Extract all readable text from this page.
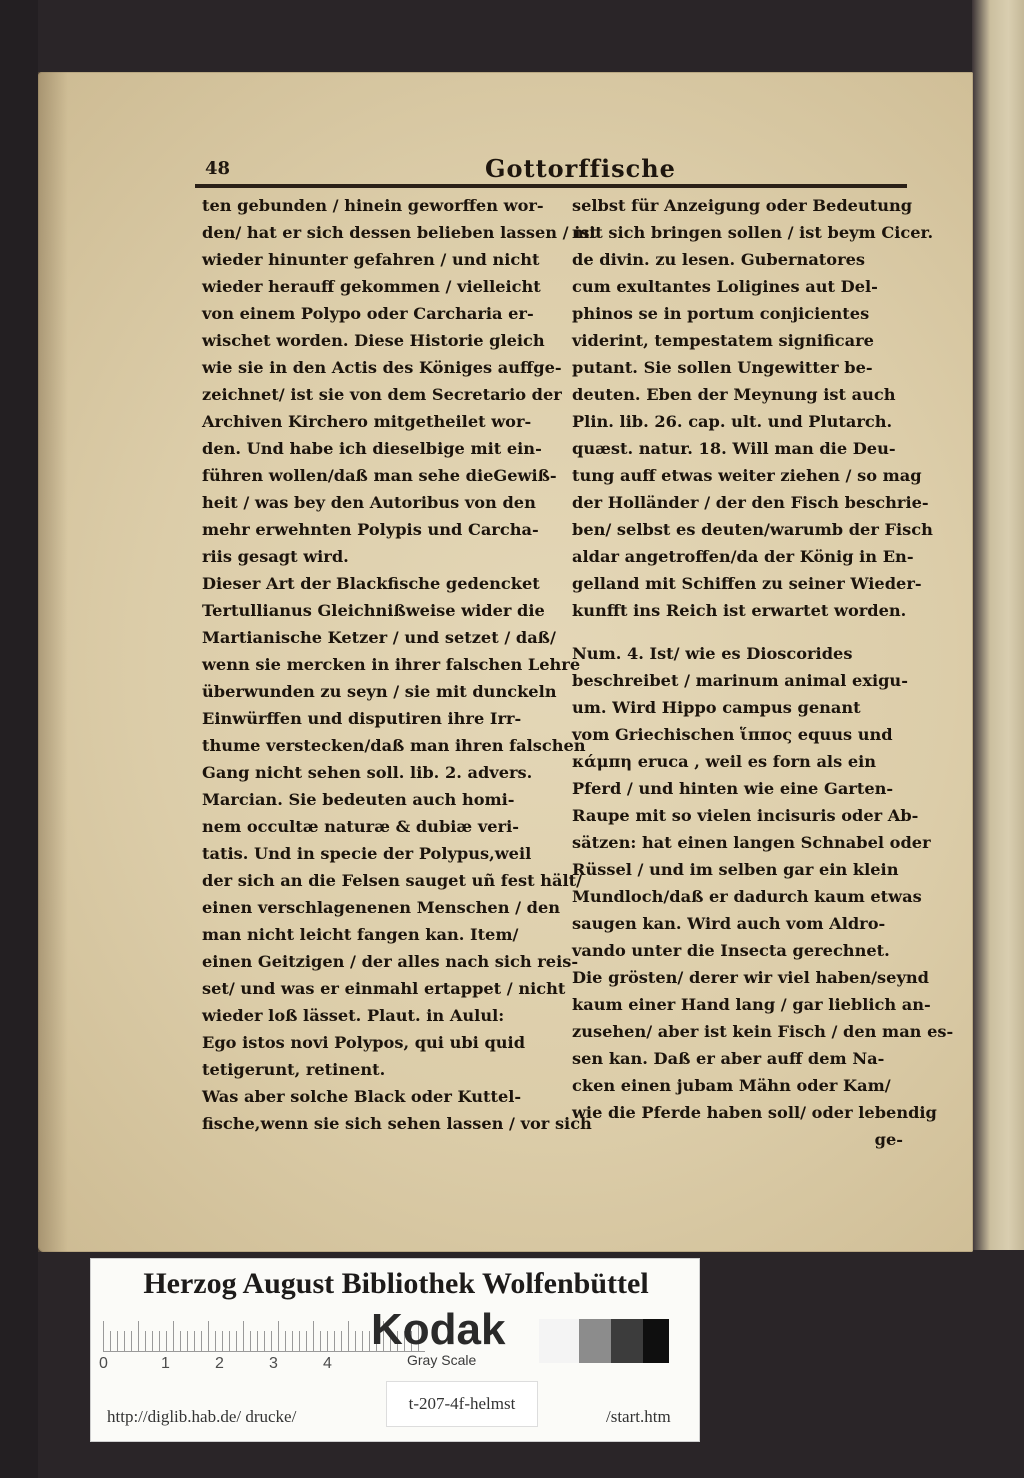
48	Gottorffische
ten gebunden / hinein geworffen wor-
den/ hat er sich dessen belieben lassen / ist
wieder hinunter gefahren / und nicht
wieder herauff gekommen / vielleicht
von einem Polypo oder Carcharia er-
wischet worden. Diese Historie gleich
wie sie in den Actis des Königes auffge-
zeichnet/ ist sie von dem Secretario der
Archiven Kirchero mitgetheilet wor-
den. Und habe ich dieselbige mit ein-
führen wollen/daß man sehe dieGewiß-
heit / was bey den Autoribus von den
mehr erwehnten Polypis und Carcha-
riis gesagt wird.
Dieser Art der Blackfische gedencket
Tertullianus Gleichnißweise wider die
Martianische Ketzer / und setzet / daß/
wenn sie mercken in ihrer falschen Lehre
überwunden zu seyn / sie mit dunckeln
Einwürffen und disputiren ihre Irr-
thume verstecken/daß man ihren falschen
Gang nicht sehen soll. lib. 2. advers.
Marcian. Sie bedeuten auch homi-
nem occultæ naturæ & dubiæ veri-
tatis. Und in specie der Polypus,weil
der sich an die Felsen sauget uñ fest hält/
einen verschlagenenen Menschen / den
man nicht leicht fangen kan. Item/
einen Geitzigen / der alles nach sich reis-
set/ und was er einmahl ertappet / nicht
wieder loß lässet. Plaut. in Aulul:
Ego istos novi Polypos, qui ubi quid
tetigerunt, retinent.
Was aber solche Black oder Kuttel-
fische,wenn sie sich sehen lassen / vor sich
selbst für Anzeigung oder Bedeutung
mit sich bringen sollen / ist beym Cicer.
de divin. zu lesen. Gubernatores
cum exultantes Loligines aut Del-
phinos se in portum conjicientes
viderint, tempestatem significare
putant. Sie sollen Ungewitter be-
deuten. Eben der Meynung ist auch
Plin. lib. 26. cap. ult. und Plutarch.
quæst. natur. 18. Will man die Deu-
tung auff etwas weiter ziehen / so mag
der Holländer / der den Fisch beschrie-
ben/ selbst es deuten/warumb der Fisch
aldar angetroffen/da der König in En-
gelland mit Schiffen zu seiner Wieder-
kunfft ins Reich ist erwartet worden.
Num. 4. Ist/ wie es Dioscorides
beschreibet / marinum animal exigu-
um. Wird Hippo campus genant
vom Griechischen ἵππος equus und
κάμπη eruca , weil es forn als ein
Pferd / und hinten wie eine Garten-
Raupe mit so vielen incisuris oder Ab-
sätzen: hat einen langen Schnabel oder
Rüssel / und im selben gar ein klein
Mundloch/daß er dadurch kaum etwas
saugen kan. Wird auch vom Aldro-
vando unter die Insecta gerechnet.
Die grösten/ derer wir viel haben/seynd
kaum einer Hand lang / gar lieblich an-
zusehen/ aber ist kein Fisch / den man es-
sen kan. Daß er aber auff dem Na-
cken einen jubam Mähn oder Kam/
wie die Pferde haben soll/ oder lebendig
ge-
Herzog August Bibliothek Wolfenbüttel
0	1	2	3	4
Kodak
Gray Scale
http://diglib.hab.de/ drucke/
t-207-4f-helmst
/start.htm
